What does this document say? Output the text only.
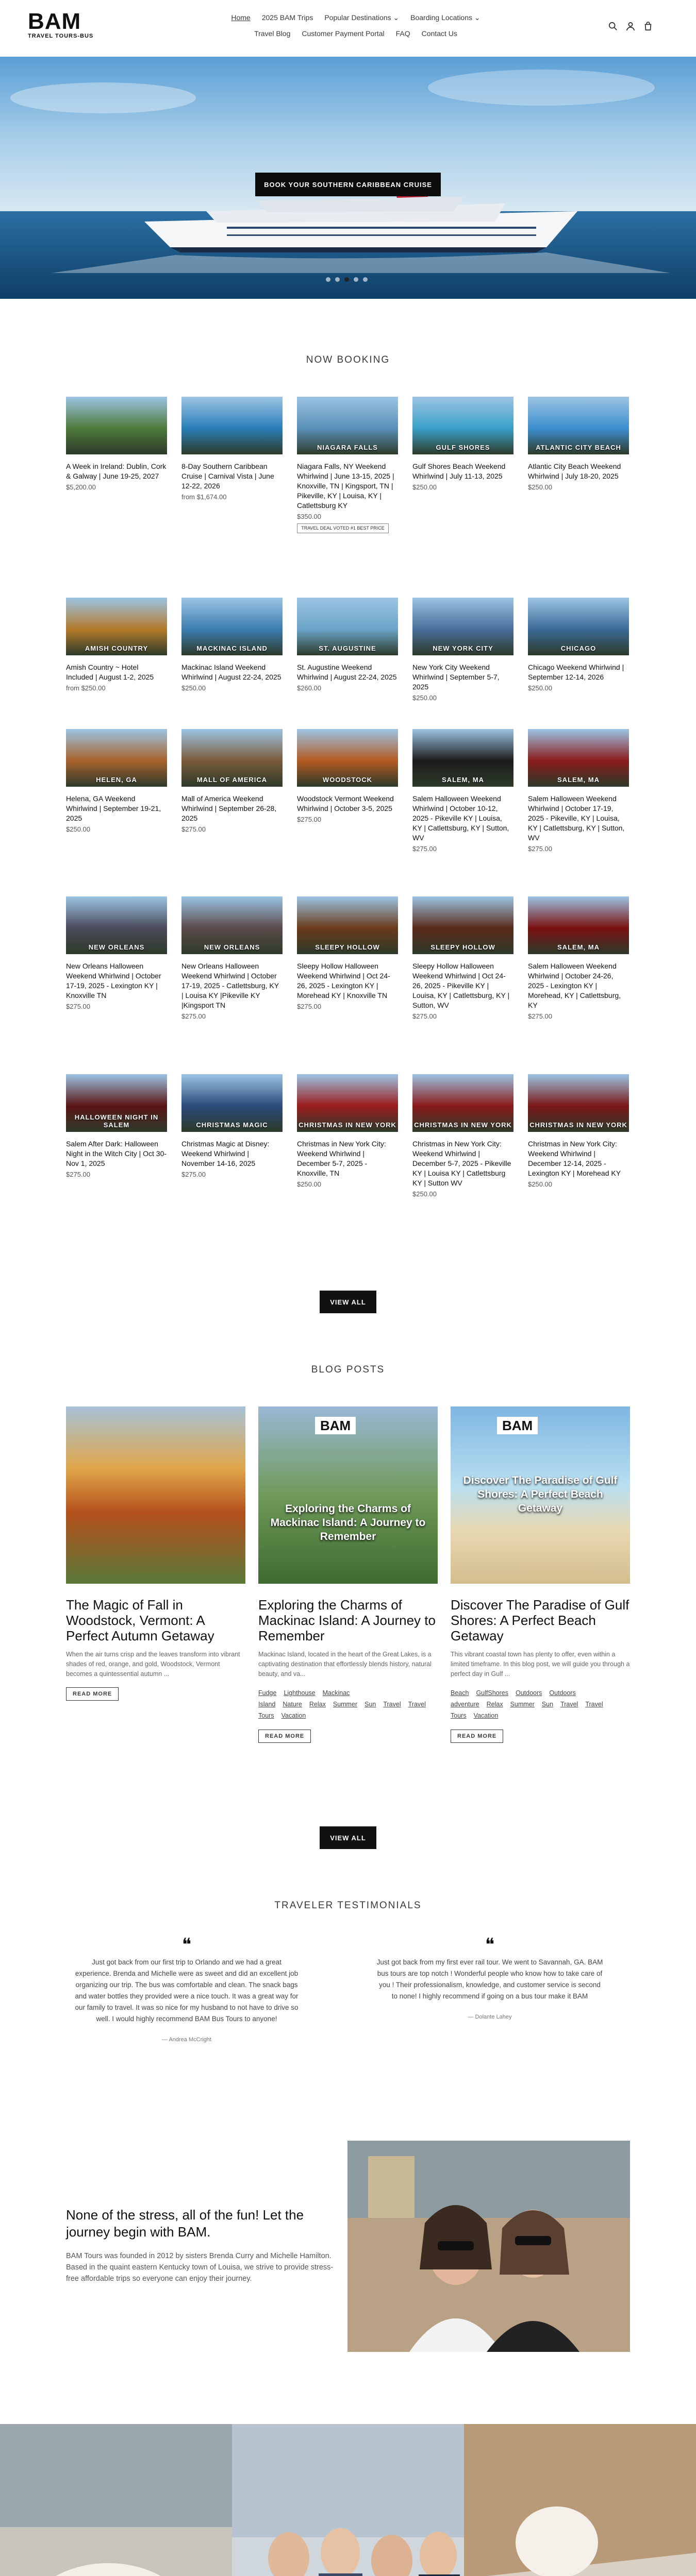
BAM
TRAVEL TOURS-BUS
Home 2025 BAM Trips Popular Destinations ⌄ Boarding Locations ⌄
Travel Blog Customer Payment Portal FAQ Contact Us
BOOK YOUR SOUTHERN CARIBBEAN CRUISE
NOW BOOKING
A Week in Ireland: Dublin, Cork & Galway | June 19-25, 2027
$5,200.00
8-Day Southern Caribbean Cruise | Carnival Vista | June 12-22, 2026
from $1,674.00
NIAGARA FALLS
Niagara Falls, NY Weekend Whirlwind | June 13-15, 2025 | Knoxville, TN | Kingsport, TN | Pikeville, KY | Louisa, KY | Catlettsburg KY
$350.00
TRAVEL DEAL VOTED #1 BEST PRICE
GULF SHORES
Gulf Shores Beach Weekend Whirlwind | July 11-13, 2025
$250.00
ATLANTIC CITY BEACH
Atlantic City Beach Weekend Whirlwind | July 18-20, 2025
$250.00
AMISH COUNTRY
Amish Country ~ Hotel Included | August 1-2, 2025
from $250.00
MACKINAC ISLAND
Mackinac Island Weekend Whirlwind | August 22-24, 2025
$250.00
ST. AUGUSTINE
St. Augustine Weekend Whirlwind | August 22-24, 2025
$260.00
NEW YORK CITY
New York City Weekend Whirlwind | September 5-7, 2025
$250.00
CHICAGO
Chicago Weekend Whirlwind | September 12-14, 2026
$250.00
HELEN, GA
Helena, GA Weekend Whirlwind | September 19-21, 2025
$250.00
MALL OF AMERICA
Mall of America Weekend Whirlwind | September 26-28, 2025
$275.00
WOODSTOCK
Woodstock Vermont Weekend Whirlwind | October 3-5, 2025
$275.00
SALEM, MA
Salem Halloween Weekend Whirlwind | October 10-12, 2025 - Pikeville KY | Louisa, KY | Catlettsburg, KY | Sutton, WV
$275.00
SALEM, MA
Salem Halloween Weekend Whirlwind | October 17-19, 2025 - Pikeville, KY | Louisa, KY | Catlettsburg, KY | Sutton, WV
$275.00
NEW ORLEANS
New Orleans Halloween Weekend Whirlwind | October 17-19, 2025 - Lexington KY | Knoxville TN
$275.00
NEW ORLEANS
New Orleans Halloween Weekend Whirlwind | October 17-19, 2025 - Catlettsburg, KY | Louisa KY |Pikeville KY |Kingsport TN
$275.00
SLEEPY HOLLOW
Sleepy Hollow Halloween Weekend Whirlwind | Oct 24-26, 2025 - Lexington KY | Morehead KY | Knoxville TN
$275.00
SLEEPY HOLLOW
Sleepy Hollow Halloween Weekend Whirlwind | Oct 24-26, 2025 - Pikeville KY | Louisa, KY | Catlettsburg, KY | Sutton, WV
$275.00
SALEM, MA
Salem Halloween Weekend Whirlwind | October 24-26, 2025 - Lexington KY | Morehead, KY | Catlettsburg, KY
$275.00
HALLOWEEN NIGHT IN SALEM
Salem After Dark: Halloween Night in the Witch City | Oct 30-Nov 1, 2025
$275.00
CHRISTMAS MAGIC
Christmas Magic at Disney: Weekend Whirlwind | November 14-16, 2025
$275.00
CHRISTMAS IN NEW YORK
Christmas in New York City: Weekend Whirlwind | December 5-7, 2025 - Knoxville, TN
$250.00
CHRISTMAS IN NEW YORK
Christmas in New York City: Weekend Whirlwind | December 5-7, 2025 - Pikeville KY | Louisa KY | Catlettsburg KY | Sutton WV
$250.00
CHRISTMAS IN NEW YORK
Christmas in New York City: Weekend Whirlwind | December 12-14, 2025 - Lexington KY | Morehead KY
$250.00
VIEW ALL
BLOG POSTS
The Magic of Fall in Woodstock, Vermont: A Perfect Autumn Getaway
When the air turns crisp and the leaves transform into vibrant shades of red, orange, and gold, Woodstock, Vermont becomes a quintessential autumn ...
READ MORE
BAM
Exploring the Charms of Mackinac Island: A Journey to Remember
Exploring the Charms of Mackinac Island: A Journey to Remember
Mackinac Island, located in the heart of the Great Lakes, is a captivating destination that effortlessly blends history, natural beauty, and va...
Fudge Lighthouse Mackinac Island Nature Relax Summer Sun Travel Travel Tours Vacation
READ MORE
BAM
Discover The Paradise of Gulf Shores: A Perfect Beach Getaway
Discover The Paradise of Gulf Shores: A Perfect Beach Getaway
This vibrant coastal town has plenty to offer, even within a limited timeframe. In this blog post, we will guide you through a perfect day in Gulf ...
Beach GulfShores Outdoors Outdoors adventure Relax Summer Sun Travel Travel Tours Vacation
READ MORE
VIEW ALL
TRAVELER TESTIMONIALS
❝
Just got back from our first trip to Orlando and we had a great experience. Brenda and Michelle were as sweet and did an excellent job organizing our trip. The bus was comfortable and clean. The snack bags and water bottles they provided were a nice touch. It was a great way for our family to travel. It was so nice for my husband to not have to drive so well. I would highly recommend BAM Bus Tours to anyone!
— Andrea McCright
❝
Just got back from my first ever rail tour. We went to Savannah, GA. BAM bus tours are top notch ! Wonderful people who know how to take care of you ! Their professionalism, knowledge, and customer service is second to none! I highly recommend if going on a bus tour make it BAM
— Dolante Lahey
None of the stress, all of the fun! Let the journey begin with BAM.
BAM Tours was founded in 2012 by sisters Brenda Curry and Michelle Hamilton. Based in the quaint eastern Kentucky town of Louisa, we strive to provide stress-free affordable trips so everyone can enjoy their journey.
